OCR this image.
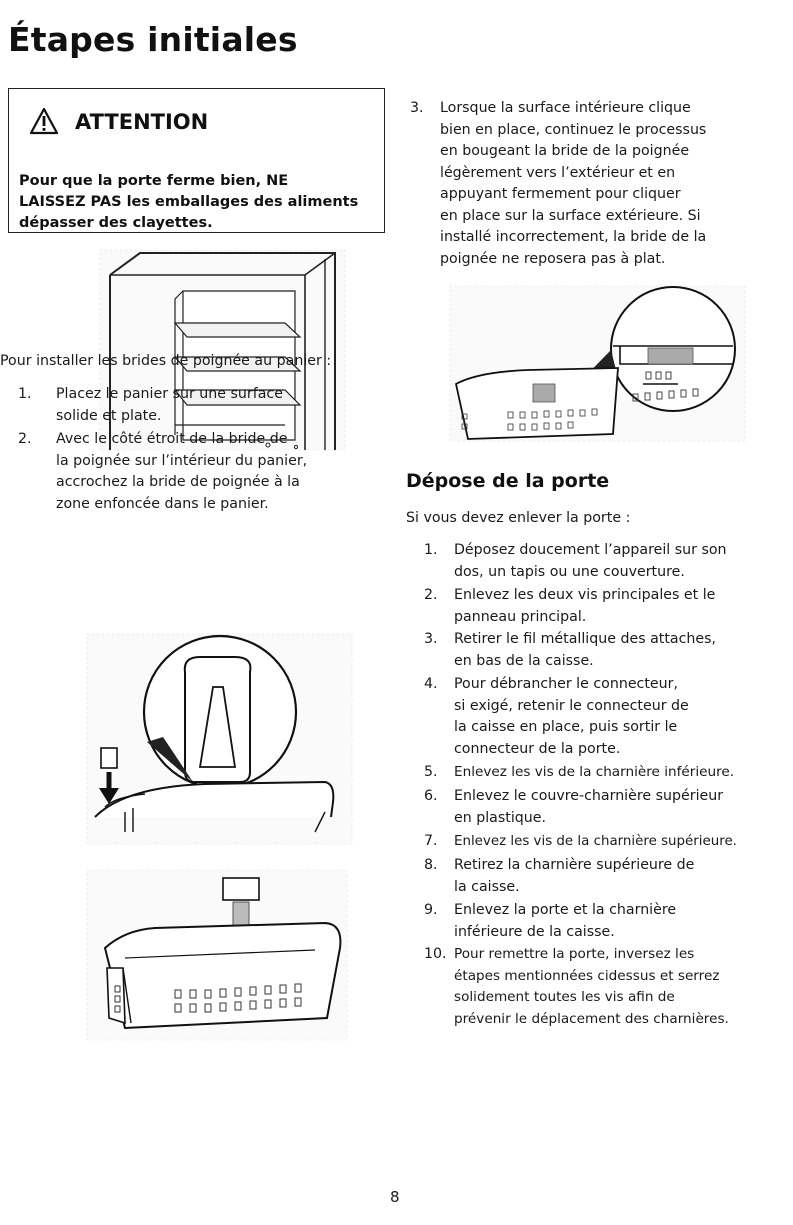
Étapes initiales
ATTENTION
Pour que la porte ferme bien, NE
LAISSEZ PAS les emballages des aliments
dépasser des clayettes.
Pour installer les brides de poignée au panier :
1.	Placez le panier sur une surface
solide et plate.
2.	Avec le côté étroit de la bride de
la poignée sur l’intérieur du panier,
accrochez la bride de poignée à la
zone enfoncée dans le panier.
3.	Lorsque la surface intérieure clique
bien en place, continuez le processus
en bougeant la bride de la poignée
légèrement vers l’extérieur et en
appuyant fermement pour cliquer
en place sur la surface extérieure. Si
installé incorrectement, la bride de la
poignée ne reposera pas à plat.
Dépose de la porte
Si vous devez enlever la porte :
1.	Déposez doucement l’appareil sur son
dos, un tapis ou une couverture.
2.	Enlevez les deux vis principales et le
panneau principal.
3.	Retirer le fil métallique des attaches,
en bas de la caisse.
4.	Pour débrancher le connecteur,
si exigé, retenir le connecteur de
la caisse en place, puis sortir le
connecteur de la porte.
5.	Enlevez les vis de la charnière inférieure.
6.	Enlevez le couvre-charnière supérieur
en plastique.
7.	Enlevez les vis de la charnière supérieure.
8.	Retirez la charnière supérieure de
la caisse.
9.	Enlevez la porte et la charnière
inférieure de la caisse.
10. Pour remettre la porte, inversez les
étapes mentionnées cidessus et serrez
solidement toutes les vis afin de
prévenir le déplacement des charnières.
8
